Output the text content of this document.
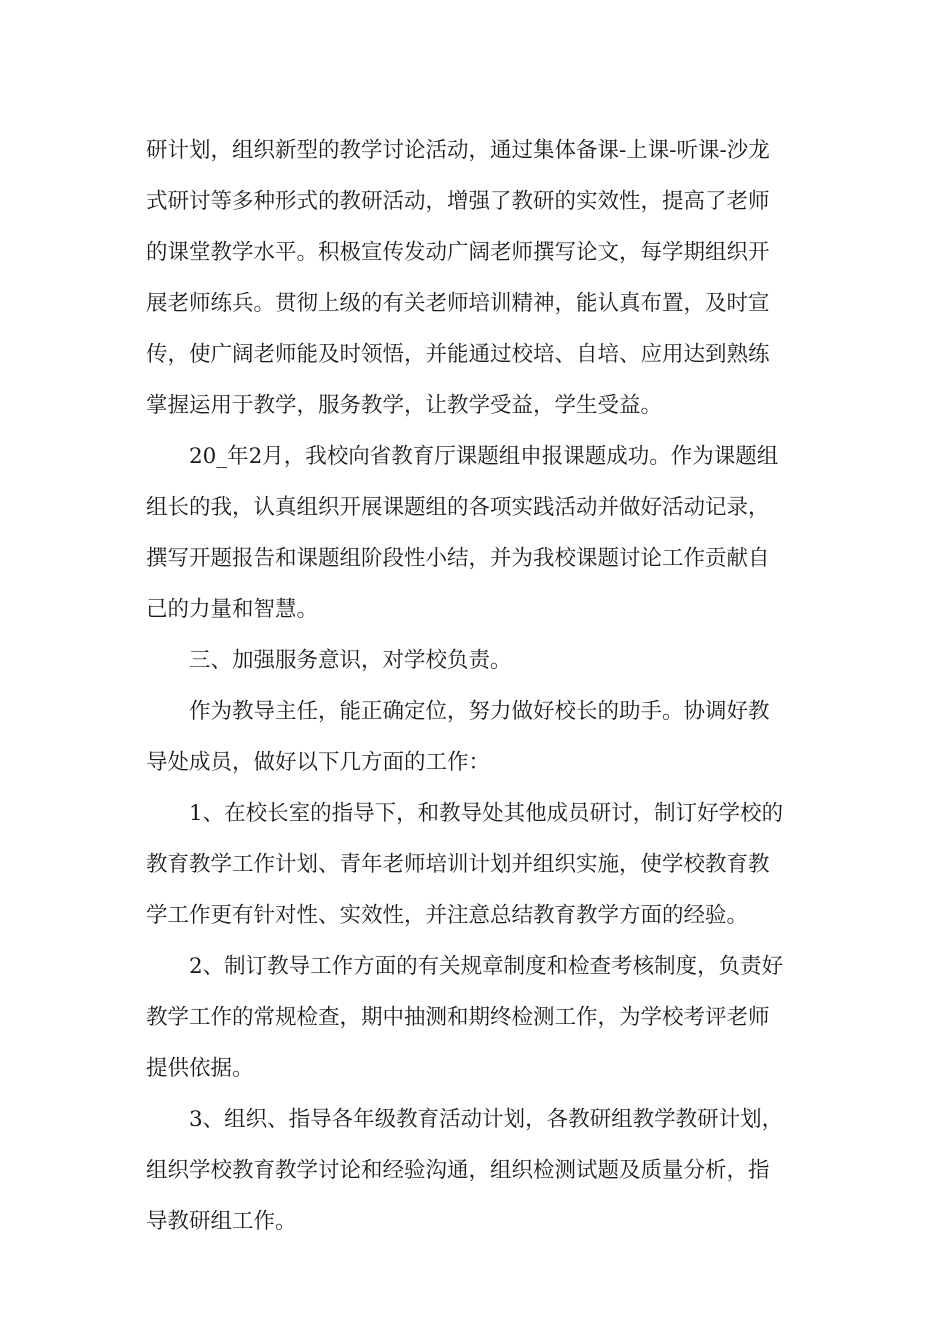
研计划，组织新型的教学讨论活动，通过集体备课-上课-听课-沙龙
式研讨等多种形式的教研活动，增强了教研的实效性，提高了老师
的课堂教学水平。积极宣传发动广阔老师撰写论文，每学期组织开
展老师练兵。贯彻上级的有关老师培训精神，能认真布置，及时宣
传，使广阔老师能及时领悟，并能通过校培、自培、应用达到熟练
掌握运用于教学，服务教学，让教学受益，学生受益。

20_年2月，我校向省教育厅课题组申报课题成功。作为课题组
组长的我，认真组织开展课题组的各项实践活动并做好活动记录，
撰写开题报告和课题组阶段性小结，并为我校课题讨论工作贡献自
己的力量和智慧。

三、加强服务意识，对学校负责。

作为教导主任，能正确定位，努力做好校长的助手。协调好教
导处成员，做好以下几方面的工作：

1、在校长室的指导下，和教导处其他成员研讨，制订好学校的
教育教学工作计划、青年老师培训计划并组织实施，使学校教育教
学工作更有针对性、实效性，并注意总结教育教学方面的经验。

2、制订教导工作方面的有关规章制度和检查考核制度，负责好
教学工作的常规检查，期中抽测和期终检测工作，为学校考评老师
提供依据。

3、组织、指导各年级教育活动计划，各教研组教学教研计划，
组织学校教育教学讨论和经验沟通，组织检测试题及质量分析，指
导教研组工作。
